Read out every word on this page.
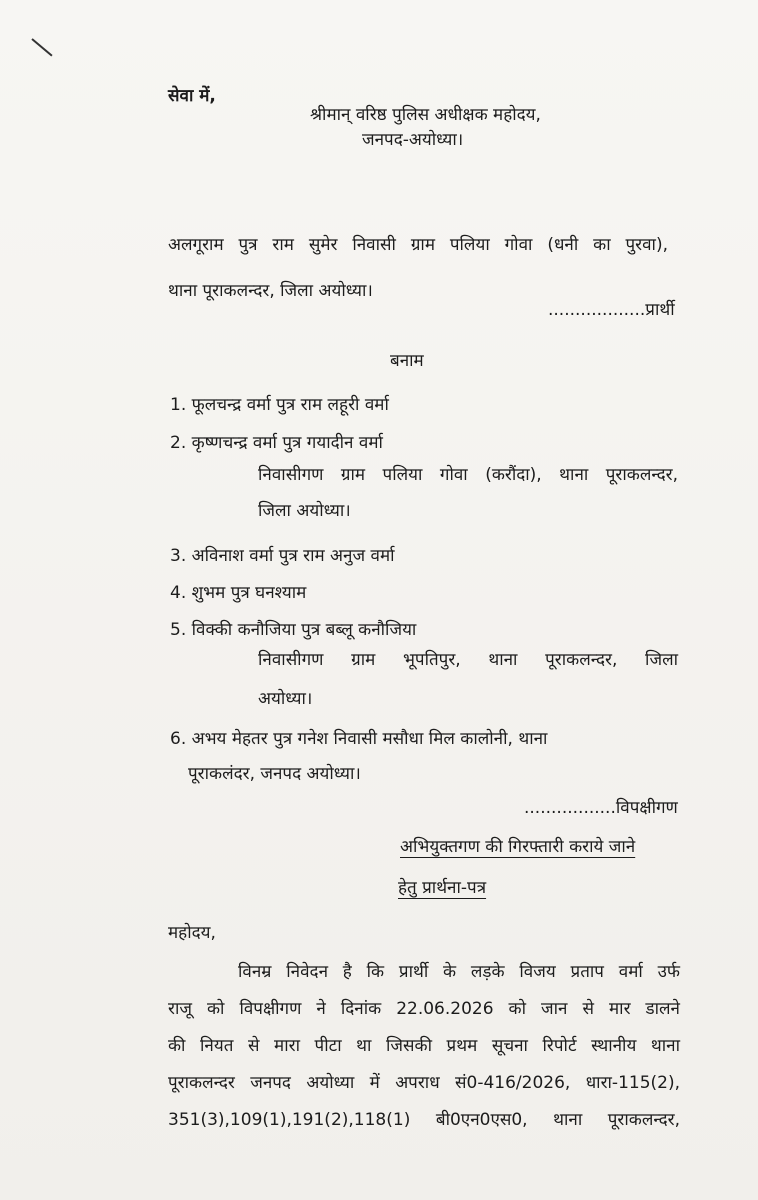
सेवा में,
श्रीमान् वरिष्ठ पुलिस अधीक्षक महोदय,
जनपद-अयोध्या।
अलगूराम पुत्र राम सुमेर निवासी ग्राम पलिया गोवा (धनी का पुरवा),
थाना पूराकलन्दर, जिला अयोध्या।
..................प्रार्थी
बनाम
1. फूलचन्द्र वर्मा पुत्र राम लहूरी वर्मा
2. कृष्णचन्द्र वर्मा पुत्र गयादीन वर्मा
निवासीगण ग्राम पलिया गोवा (करौंदा), थाना पूराकलन्दर,
जिला अयोध्या।
3. अविनाश वर्मा पुत्र राम अनुज वर्मा
4. शुभम पुत्र घनश्याम
5. विक्की कनौजिया पुत्र बब्लू कनौजिया
निवासीगण ग्राम भूपतिपुर, थाना पूराकलन्दर, जिला
अयोध्या।
6. अभय मेहतर पुत्र गनेश निवासी मसौधा मिल कालोनी, थाना
पूराकलंदर, जनपद अयोध्या।
.................विपक्षीगण
अभियुक्तगण की गिरफ्तारी कराये जाने
हेतु प्रार्थना-पत्र
महोदय,
विनम्र निवेदन है कि प्रार्थी के लड़के विजय प्रताप वर्मा उर्फ
राजू को विपक्षीगण ने दिनांक 22.06.2026 को जान से मार डालने
की नियत से मारा पीटा था जिसकी प्रथम सूचना रिपोर्ट स्थानीय थाना
पूराकलन्दर जनपद अयोध्या में अपराध सं0-416/2026, धारा-115(2),
351(3),109(1),191(2),118(1) बी0एन0एस0, थाना पूराकलन्दर,
